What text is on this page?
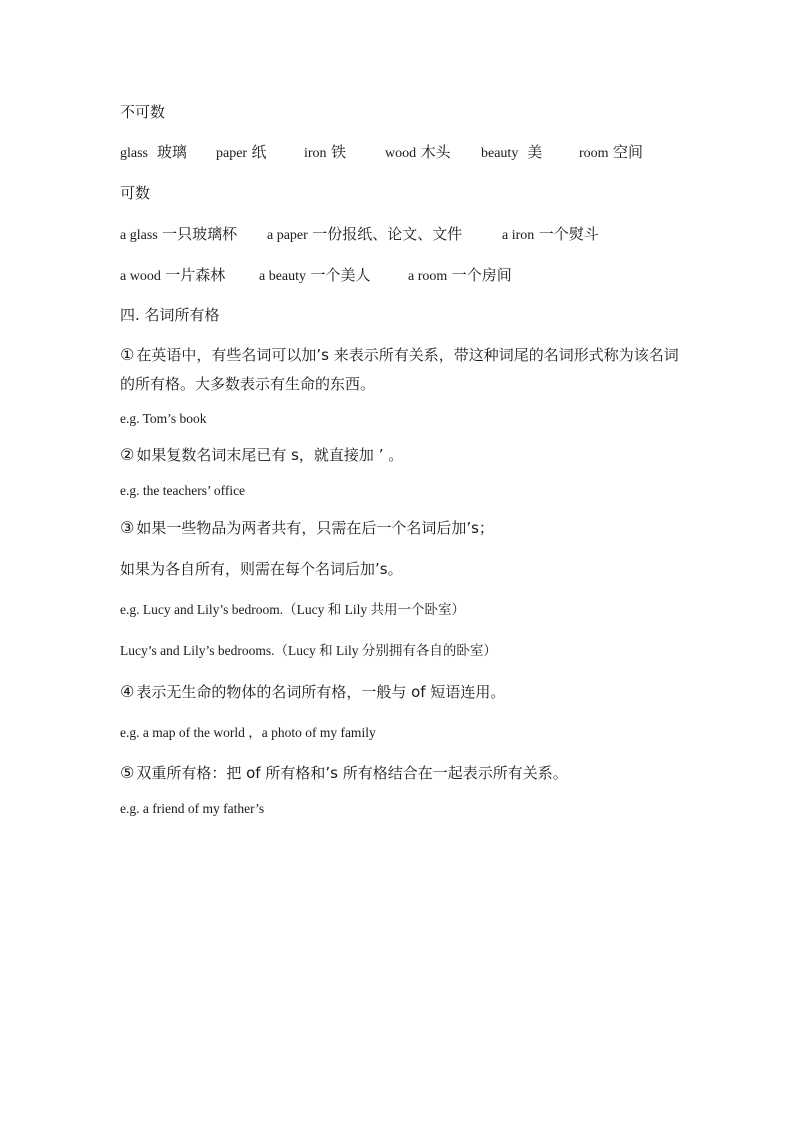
不可数
glass 玻璃 paper 纸	iron 铁	wood 木头 beauty 美	room 空间
可数
a glass 一只玻璃杯 a paper 一份报纸、论文、文件	a iron 一个熨斗
a wood 一片森林 a beauty 一个美人	a room 一个房间
四. 名词所有格
① 在英语中，有些名词可以加’s 来表示所有关系，带这种词尾的名词形式称为该名词的所有格。大多数表示有生命的东西。
e.g. Tom’s book
② 如果复数名词末尾已有 s，就直接加 ’ 。
e.g. the teachers’ office
③ 如果一些物品为两者共有，只需在后一个名词后加’s；
如果为各自所有，则需在每个名词后加’s。
e.g. Lucy and Lily’s bedroom.（Lucy 和 Lily 共用一个卧室）
Lucy’s and Lily’s bedrooms.（Lucy 和 Lily 分别拥有各自的卧室）
④ 表示无生命的物体的名词所有格，一般与 of 短语连用。
e.g. a map of the world ，a photo of my family
⑤ 双重所有格：把 of 所有格和’s 所有格结合在一起表示所有关系。
e.g. a friend of my father’s
